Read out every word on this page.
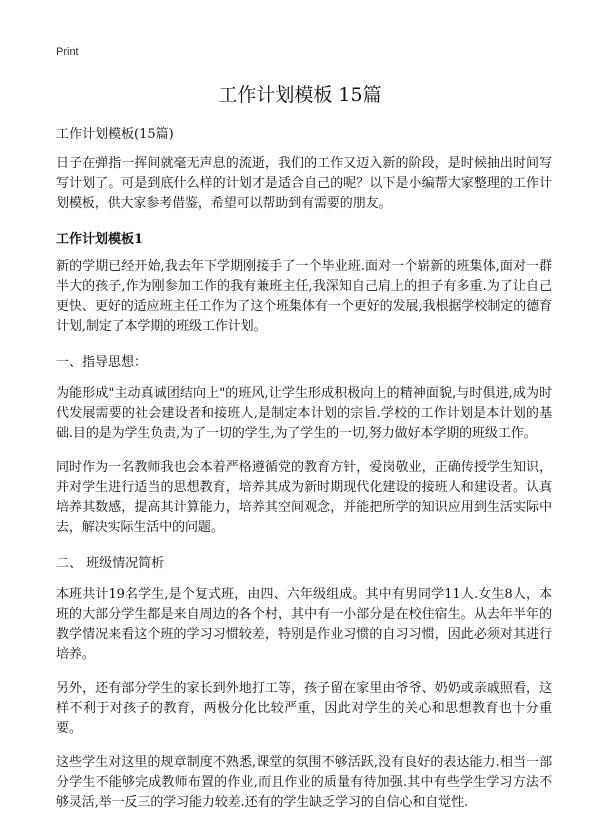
Print
工作计划模板 15篇
工作计划模板(15篇)

日子在弹指一挥间就毫无声息的流逝，我们的工作又迈入新的阶段，是时候抽出时间写写计划了。可是到底什么样的计划才是适合自己的呢？以下是小编帮大家整理的工作计划模板，供大家参考借鉴，希望可以帮助到有需要的朋友。

工作计划模板1

新的学期已经开始,我去年下学期刚接手了一个毕业班.面对一个崭新的班集体,面对一群半大的孩子,作为刚参加工作的我有兼班主任,我深知自己肩上的担子有多重.为了让自己更快、更好的适应班主任工作为了这个班集体有一个更好的发展,我根据学校制定的德育计划,制定了本学期的班级工作计划。

一、指导思想：

为能形成"主动真诚团结向上"的班风,让学生形成积极向上的精神面貌,与时俱进,成为时代发展需要的社会建设者和接班人,是制定本计划的宗旨.学校的工作计划是本计划的基础.目的是为学生负责,为了一切的学生,为了学生的一切,努力做好本学期的班级工作。

同时作为一名教师我也会本着严格遵循党的教育方针，爱岗敬业，正确传授学生知识，并对学生进行适当的思想教育，培养其成为新时期现代化建设的接班人和建设者。认真培养其数感，提高其计算能力，培养其空间观念，并能把所学的知识应用到生活实际中去，解决实际生活中的问题。

二、 班级情况简析

本班共计19名学生,是个复式班，由四、六年级组成。其中有男同学11人.女生8人，本班的大部分学生都是来自周边的各个村，其中有一小部分是在校住宿生。从去年半年的教学情况来看这个班的学习习惯较差，特别是作业习惯的自习习惯，因此必须对其进行培养。

另外，还有部分学生的家长到外地打工等，孩子留在家里由爷爷、奶奶或亲戚照看，这样不利于对孩子的教育，两极分化比较严重，因此对学生的关心和思想教育也十分重要。

这些学生对这里的规章制度不熟悉,课堂的氛围不够活跃,没有良好的表达能力.相当一部分学生不能够完成教师布置的作业,而且作业的质量有待加强.其中有些学生学习方法不够灵活,举一反三的学习能力较差.还有的学生缺乏学习的自信心和自觉性.
